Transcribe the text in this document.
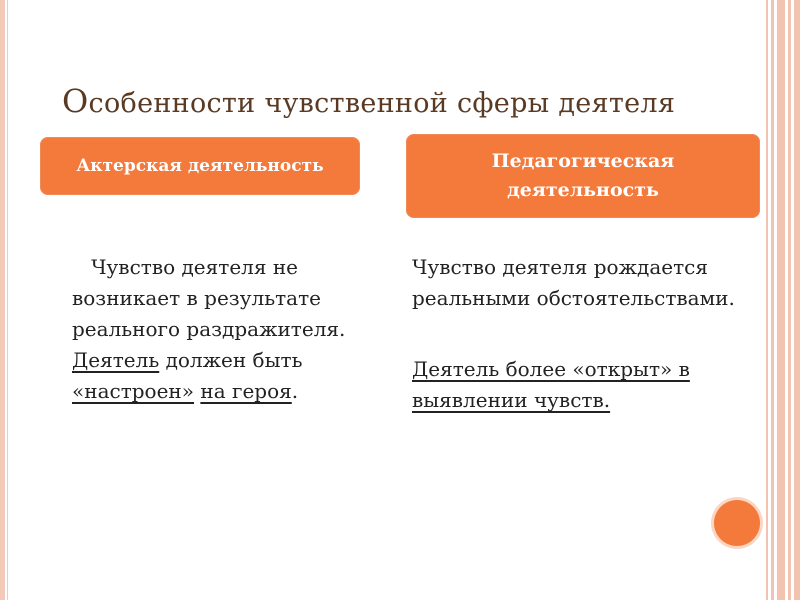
Особенности чувственной сферы деятеля
Актерская деятельность	Педагогическая
деятельность
Чувство деятеля не возникает в результате реального раздражителя. Деятель должен быть «настроен» на героя.
Чувство деятеля рождается реальными обстоятельствами.
Деятель более «открыт» в выявлении чувств.
